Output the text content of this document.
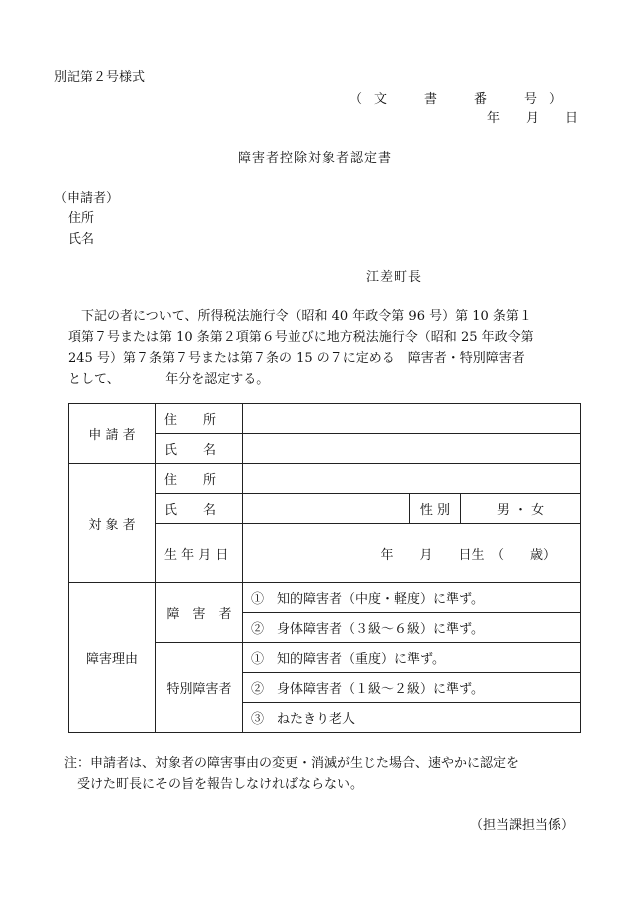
別記第２号様式
（文　書　番　号）
年　　月　　日
障害者控除対象者認定書
（申請者）
住所
氏名
江差町長

　下記の者について、所得税法施行令（昭和 40 年政令第 96 号）第 10 条第１

項第７号または第 10 条第２項第６号並びに地方税法施行令（昭和 25 年政令第

245 号）第７条第７号または第７条の 15 の７に定める　障害者・特別障害者

として、　　　　年分を認定する。

申 請 者	住　　所			
	氏　　名			
対 象 者	住　　所			
	氏　　名		性 別	男 ・ 女
	生 年 月 日	年　　月　　日生　（　　歳）		
障害理由	障　害　者	①　知的障害者（中度・軽度）に準ず。		
		②　身体障害者（３級～６級）に準ず。		
	特別障害者	①　知的障害者（重度）に準ず。		
		②　身体障害者（１級～２級）に準ず。		
		③　ねたきり老人		
注：申請者は、対象者の障害事由の変更・消滅が生じた場合、速やかに認定を
　受けた町長にその旨を報告しなければならない。
（担当課担当係）
